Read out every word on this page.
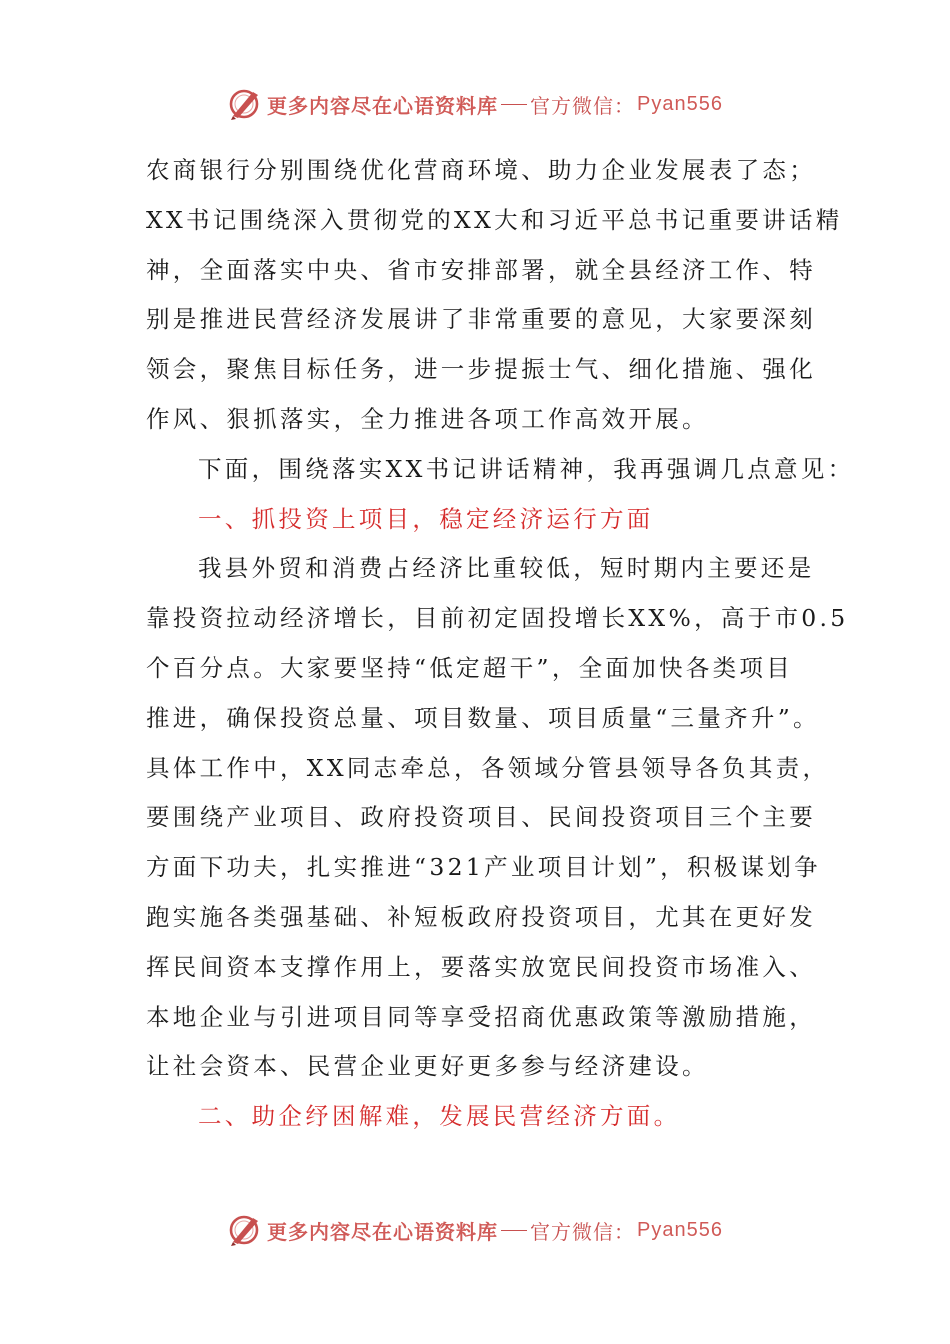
更多内容尽在心语资料库 官方微信： Pyan556
农商银行分别围绕优化营商环境、助力企业发展表了态；
XX书记围绕深入贯彻党的XX大和习近平总书记重要讲话精
神，全面落实中央、省市安排部署，就全县经济工作、特
别是推进民营经济发展讲了非常重要的意见，大家要深刻
领会，聚焦目标任务，进一步提振士气、细化措施、强化
作风、狠抓落实，全力推进各项工作高效开展。
下面，围绕落实XX书记讲话精神，我再强调几点意见：
一、抓投资上项目，稳定经济运行方面
我县外贸和消费占经济比重较低，短时期内主要还是
靠投资拉动经济增长，目前初定固投增长XX%，高于市0.5
个百分点。大家要坚持“低定超干”，全面加快各类项目
推进，确保投资总量、项目数量、项目质量“三量齐升”。
具体工作中，XX同志牵总，各领域分管县领导各负其责，
要围绕产业项目、政府投资项目、民间投资项目三个主要
方面下功夫，扎实推进“321产业项目计划”，积极谋划争
跑实施各类强基础、补短板政府投资项目，尤其在更好发
挥民间资本支撑作用上，要落实放宽民间投资市场准入、
本地企业与引进项目同等享受招商优惠政策等激励措施，
让社会资本、民营企业更好更多参与经济建设。
二、助企纾困解难，发展民营经济方面。
更多内容尽在心语资料库 官方微信： Pyan556
